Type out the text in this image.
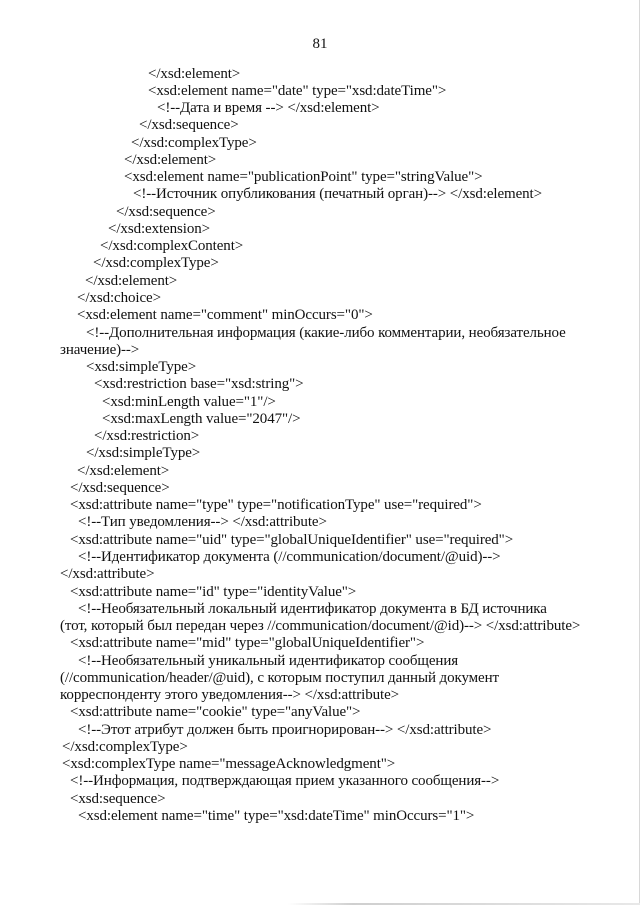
81
</xsd:element>
<xsd:element name="date" type="xsd:dateTime">
<!--Дата и время --> </xsd:element>
</xsd:sequence>
</xsd:complexType>
</xsd:element>
<xsd:element name="publicationPoint" type="stringValue">
<!--Источник опубликования (печатный орган)--> </xsd:element>
</xsd:sequence>
</xsd:extension>
</xsd:complexContent>
</xsd:complexType>
</xsd:element>
</xsd:choice>
<xsd:element name="comment" minOccurs="0">
<!--Дополнительная информация (какие-либо комментарии, необязательное
значение)-->
<xsd:simpleType>
<xsd:restriction base="xsd:string">
<xsd:minLength value="1"/>
<xsd:maxLength value="2047"/>
</xsd:restriction>
</xsd:simpleType>
</xsd:element>
</xsd:sequence>
<xsd:attribute name="type" type="notificationType" use="required">
<!--Тип уведомления--> </xsd:attribute>
<xsd:attribute name="uid" type="globalUniqueIdentifier" use="required">
<!--Идентификатор документа (//communication/document/@uid)-->
</xsd:attribute>
<xsd:attribute name="id" type="identityValue">
<!--Необязательный локальный идентификатор документа в БД источника
(тот, который был передан через //communication/document/@id)--> </xsd:attribute>
<xsd:attribute name="mid" type="globalUniqueIdentifier">
<!--Необязательный уникальный идентификатор сообщения
(//communication/header/@uid), с которым поступил данный документ
корреспонденту этого уведомления--> </xsd:attribute>
<xsd:attribute name="cookie" type="anyValue">
<!--Этот атрибут должен быть проигнорирован--> </xsd:attribute>
</xsd:complexType>
<xsd:complexType name="messageAcknowledgment">
<!--Информация, подтверждающая прием указанного сообщения-->
<xsd:sequence>
<xsd:element name="time" type="xsd:dateTime" minOccurs="1">
